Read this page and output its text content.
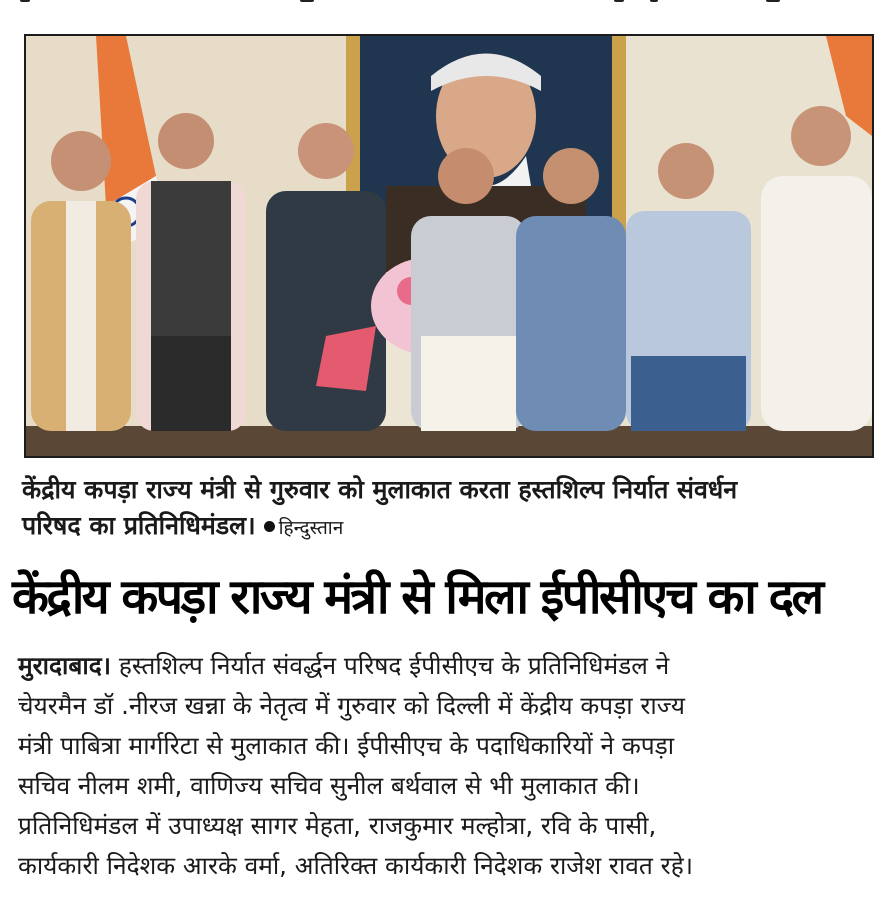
केंद्रीय कपड़ा राज्य मंत्री से गुरुवार को मुलाकात करता हस्तशिल्प निर्यात संवर्धन
परिषद का प्रतिनिधिमंडल। हिन्दुस्तान
केंद्रीय कपड़ा राज्य मंत्री से मिला ईपीसीएच का दल
मुरादाबाद। हस्तशिल्प निर्यात संवर्द्धन परिषद ईपीसीएच के प्रतिनिधिमंडल ने
चेयरमैन डॉ .नीरज खन्ना के नेतृत्व में गुरुवार को दिल्ली में केंद्रीय कपड़ा राज्य
मंत्री पाबित्रा मार्गरिटा से मुलाकात की। ईपीसीएच के पदाधिकारियों ने कपड़ा
सचिव नीलम शमी, वाणिज्य सचिव सुनील बर्थवाल से भी मुलाकात की।
प्रतिनिधिमंडल में उपाध्यक्ष सागर मेहता, राजकुमार मल्होत्रा, रवि के पासी,
कार्यकारी निदेशक आरके वर्मा, अतिरिक्त कार्यकारी निदेशक राजेश रावत रहे।
